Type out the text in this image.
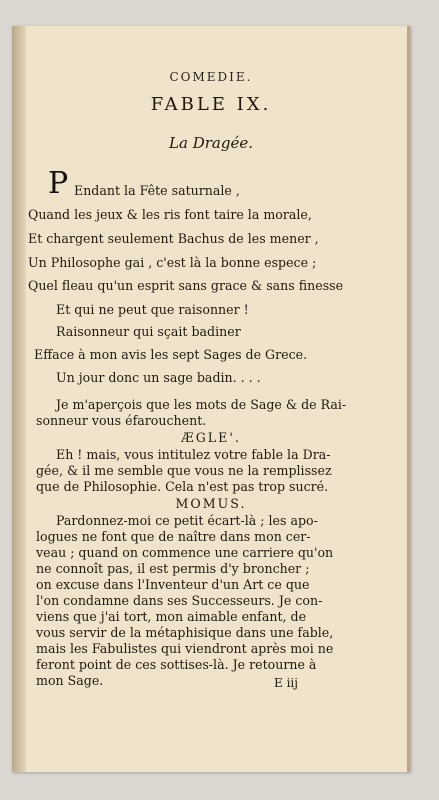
COMEDIE.
FABLE IX.
La Dragée.
P Endant la Fête saturnale ,
Quand les jeux & les ris font taire la morale,
Et chargent seulement Bachus de les mener ,
Un Philosophe gai , c'est là la bonne espece ;
Quel fleau qu'un esprit sans grace & sans finesse
Et qui ne peut que raisonner !
Raisonneur qui sçait badiner
Efface à mon avis les sept Sages de Grece.
Un jour donc un sage badin. . . .
Je m'aperçois que les mots de Sage & de Rai-
sonneur vous éfarouchent.
ÆGLE'.
Eh ! mais, vous intitulez votre fable la Dra-
gée, & il me semble que vous ne la remplissez
que de Philosophie. Cela n'est pas trop sucré.
MOMUS.
Pardonnez-moi ce petit écart-là ; les apo-
logues ne font que de naître dans mon cer-
veau ; quand on commence une carriere qu'on
ne connoît pas, il est permis d'y broncher ;
on excuse dans l'Inventeur d'un Art ce que
l'on condamne dans ses Successeurs. Je con-
viens que j'ai tort, mon aimable enfant, de
vous servir de la métaphisique dans une fable,
mais les Fabulistes qui viendront après moi ne
feront point de ces sottises-là. Je retourne à
mon Sage.	E iij
